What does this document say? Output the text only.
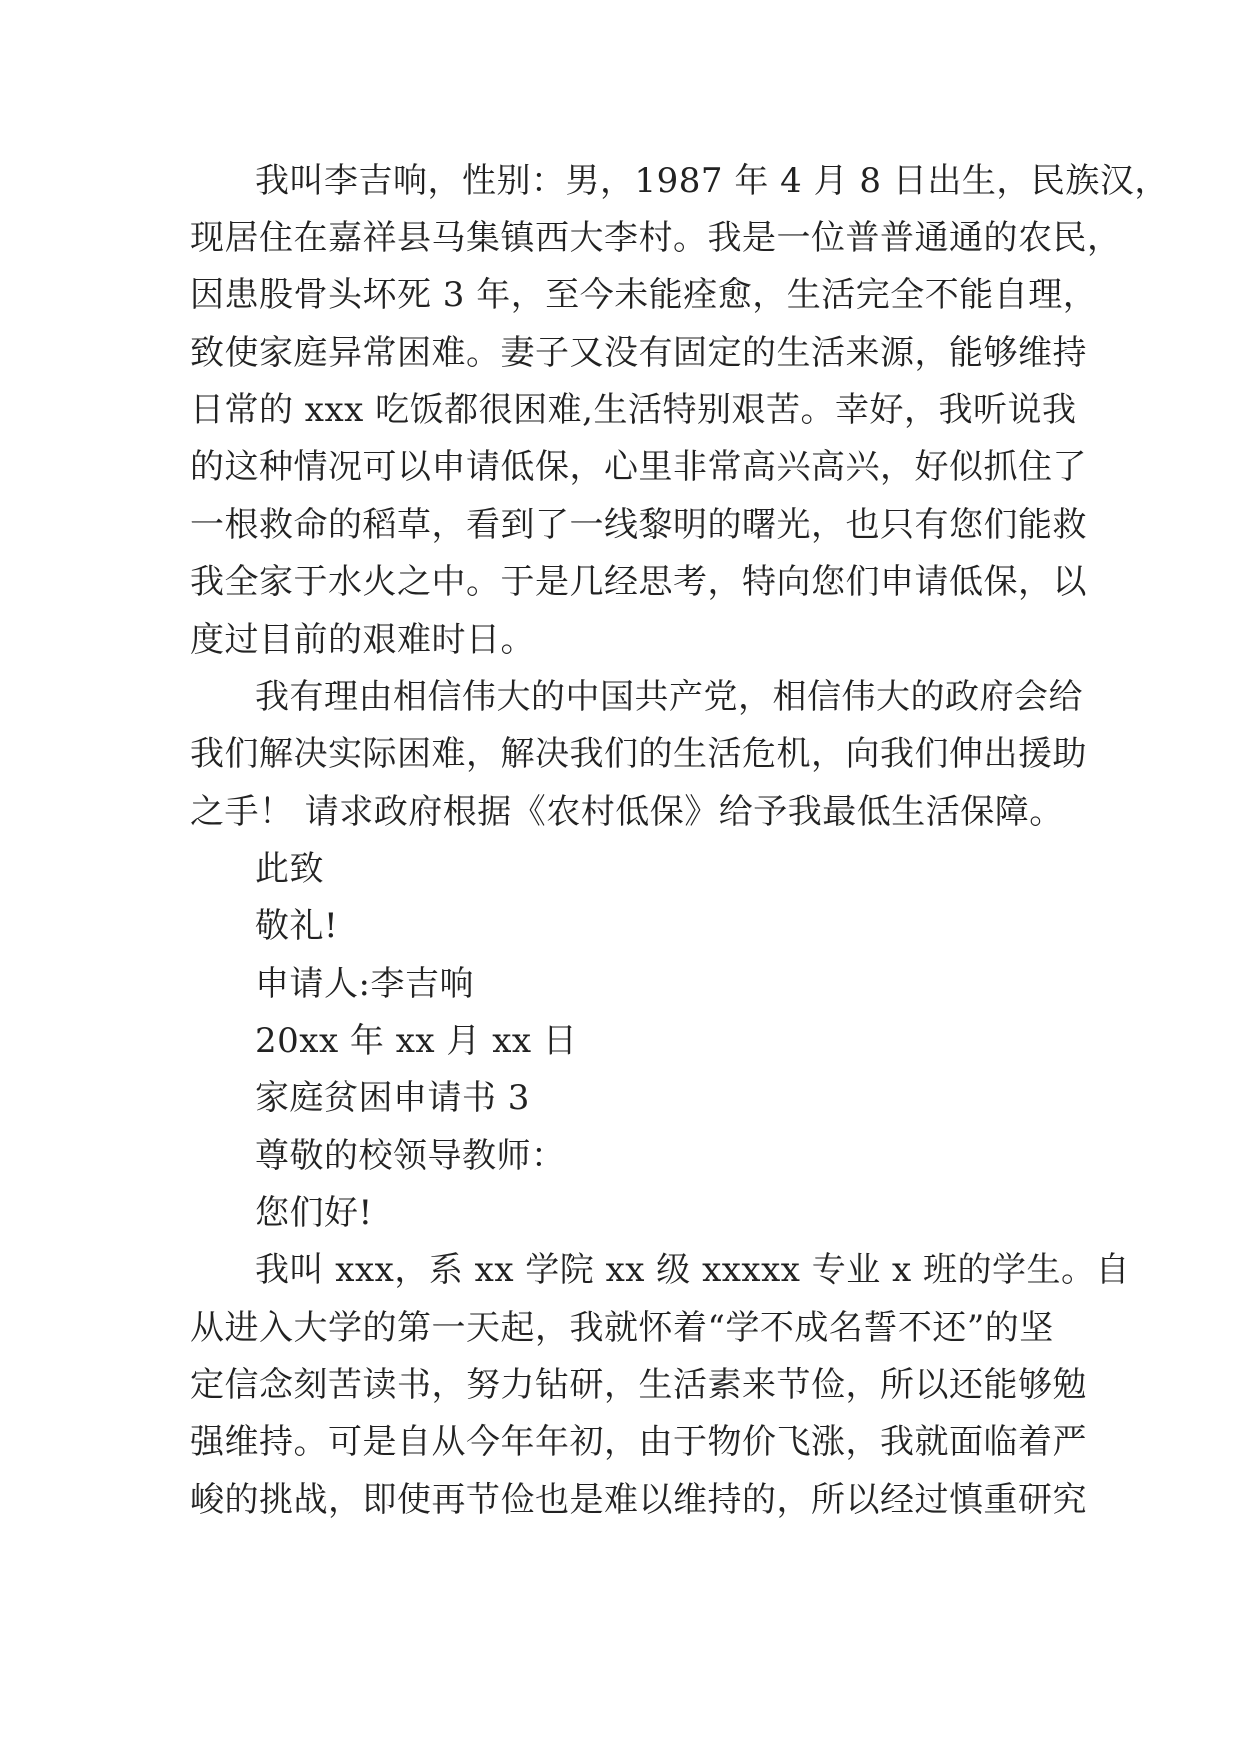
我叫李吉响，性别：男，1987 年 4 月 8 日出生，民族汉，

现居住在嘉祥县马集镇西大李村。我是一位普普通通的农民，

因患股骨头坏死 3 年，至今未能痊愈，生活完全不能自理，

致使家庭异常困难。妻子又没有固定的生活来源，能够维持

日常的 xxx 吃饭都很困难,生活特别艰苦。幸好，我听说我

的这种情况可以申请低保，心里非常高兴高兴，好似抓住了

一根救命的稻草，看到了一线黎明的曙光，也只有您们能救

我全家于水火之中。于是几经思考，特向您们申请低保，以

度过目前的艰难时日。

我有理由相信伟大的中国共产党，相信伟大的政府会给

我们解决实际困难，解决我们的生活危机，向我们伸出援助

之手！ 请求政府根据《农村低保》给予我最低生活保障。

此致

敬礼!

申请人:李吉响

20xx 年 xx 月 xx 日

家庭贫困申请书 3

尊敬的校领导教师：

您们好!

我叫 xxx，系 xx 学院 xx 级 xxxxx 专业 x 班的学生。自

从进入大学的第一天起，我就怀着“学不成名誓不还”的坚

定信念刻苦读书，努力钻研，生活素来节俭，所以还能够勉

强维持。可是自从今年年初，由于物价飞涨，我就面临着严

峻的挑战，即使再节俭也是难以维持的，所以经过慎重研究
